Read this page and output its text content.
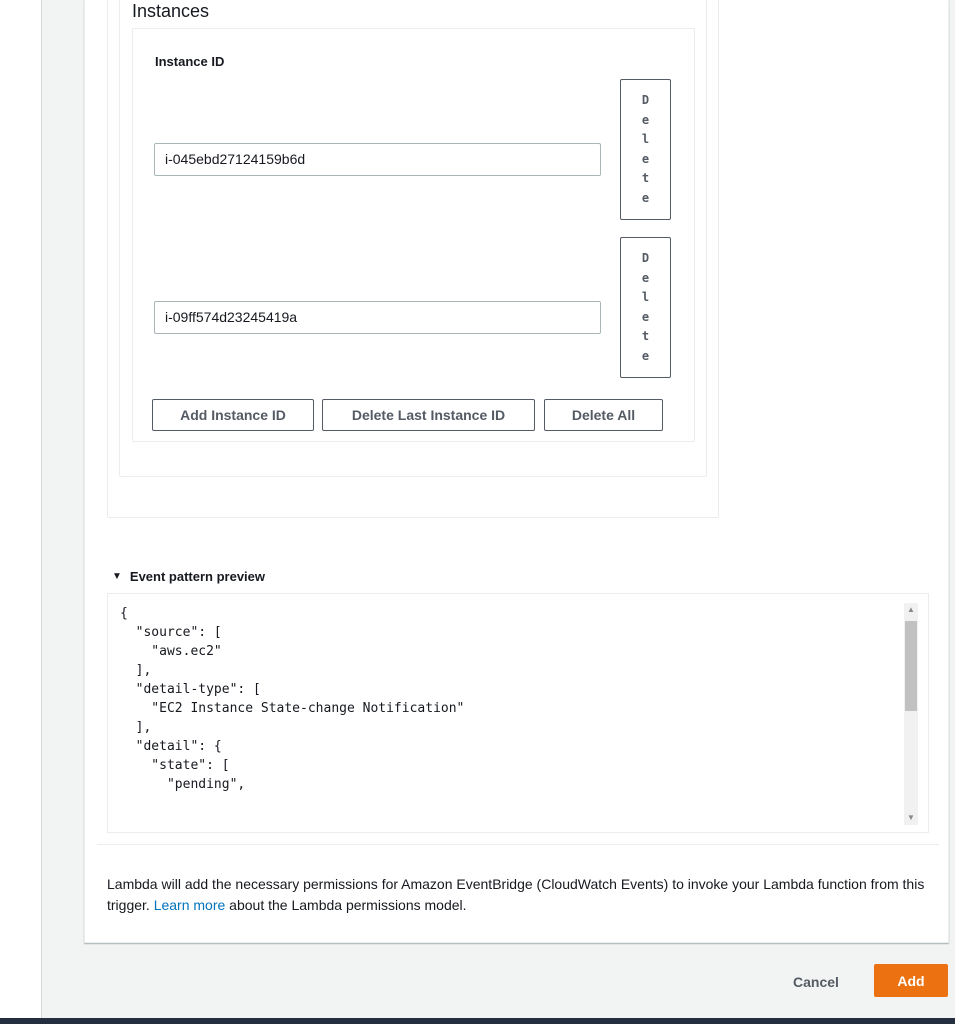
Instances
Instance ID
i-045ebd27124159b6d
Delete
i-09ff574d23245419a
Delete
Add Instance ID	Delete Last Instance ID	Delete All
▼ Event pattern preview
{
"source": [
"aws.ec2"
],
"detail-type": [
"EC2 Instance State-change Notification"
],
"detail": {
"state": [
"pending",
▲
▼
Lambda will add the necessary permissions for Amazon EventBridge (CloudWatch Events) to invoke your Lambda function from this trigger. Learn more about the Lambda permissions model.
Cancel	Add
